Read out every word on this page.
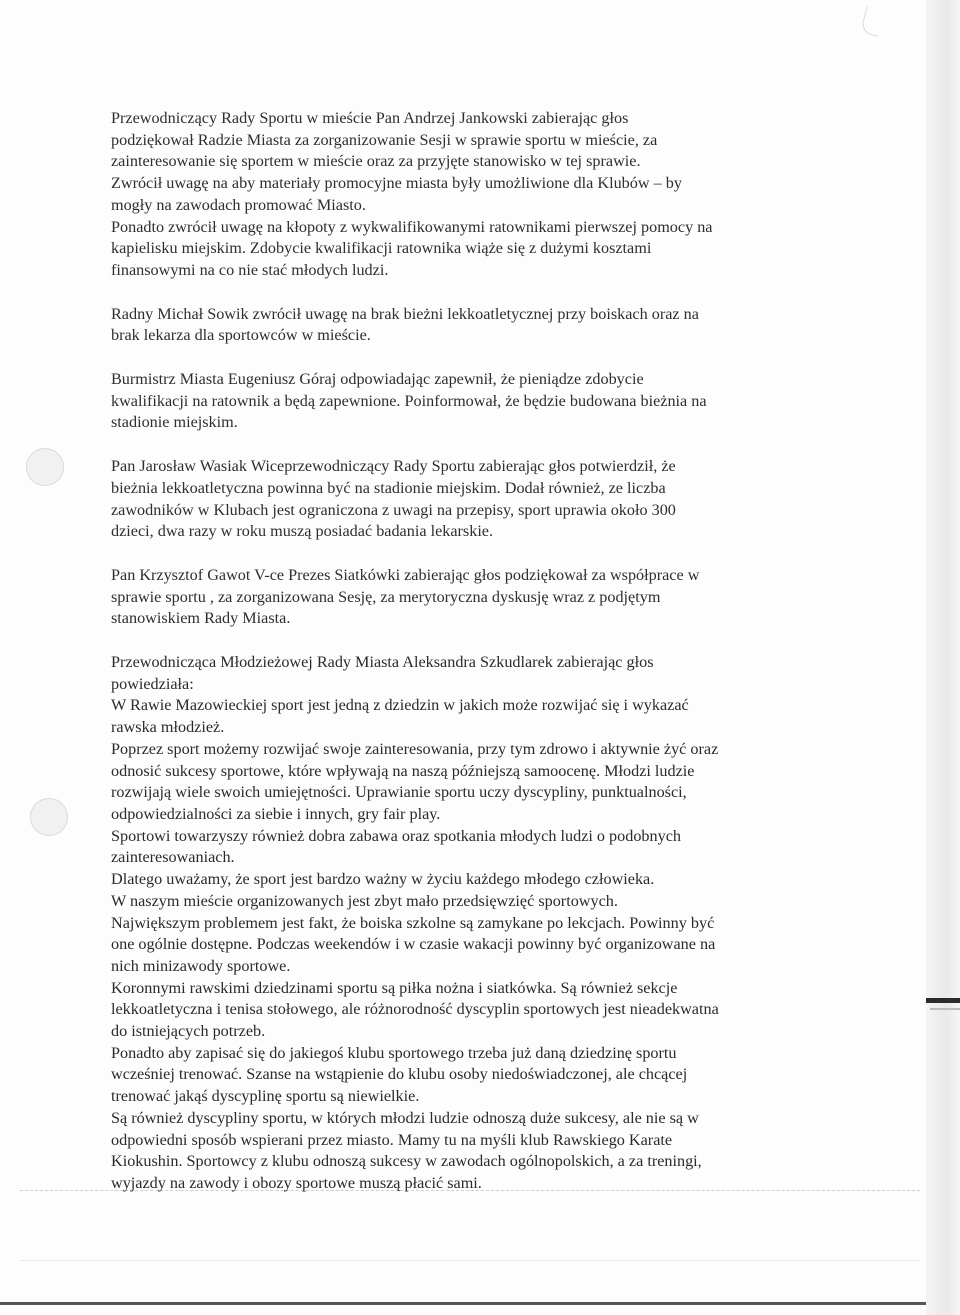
Przewodniczący Rady Sportu w mieście Pan Andrzej Jankowski zabierając głos
podziękował Radzie Miasta za zorganizowanie Sesji w sprawie sportu w mieście, za
zainteresowanie się sportem w mieście oraz za przyjęte stanowisko w tej sprawie.
Zwrócił uwagę na aby materiały promocyjne miasta były umożliwione dla Klubów – by
mogły na zawodach promować Miasto.
Ponadto zwrócił uwagę na kłopoty z wykwalifikowanymi ratownikami pierwszej pomocy na
kapielisku miejskim. Zdobycie kwalifikacji ratownika wiąże się z dużymi kosztami
finansowymi na co nie stać młodych ludzi.
Radny Michał Sowik zwrócił uwagę na brak bieżni lekkoatletycznej przy boiskach oraz na
brak lekarza dla sportowców w mieście.
Burmistrz Miasta Eugeniusz Góraj odpowiadając zapewnił, że pieniądze zdobycie
kwalifikacji na ratownik a będą zapewnione. Poinformował, że będzie budowana bieżnia na
stadionie miejskim.
Pan Jarosław Wasiak Wiceprzewodniczący Rady Sportu zabierając głos potwierdził, że
bieżnia lekkoatletyczna powinna być na stadionie miejskim. Dodał również, ze liczba
zawodników w Klubach jest ograniczona z uwagi na przepisy, sport uprawia około 300
dzieci, dwa razy w roku muszą posiadać badania lekarskie.
Pan Krzysztof Gawot V-ce Prezes Siatkówki zabierając głos podziękował za współprace w
sprawie sportu , za zorganizowana Sesję, za merytoryczna dyskusję wraz z podjętym
stanowiskiem Rady Miasta.
Przewodnicząca Młodzieżowej Rady Miasta Aleksandra Szkudlarek zabierając głos
powiedziała:
W Rawie Mazowieckiej sport jest jedną z dziedzin w jakich może rozwijać się i wykazać
rawska młodzież.
Poprzez sport możemy rozwijać swoje zainteresowania, przy tym zdrowo i aktywnie żyć oraz
odnosić sukcesy sportowe, które wpływają na naszą późniejszą samoocenę. Młodzi ludzie
rozwijają wiele swoich umiejętności. Uprawianie sportu uczy dyscypliny, punktualności,
odpowiedzialności za siebie i innych, gry fair play.
Sportowi towarzyszy również dobra zabawa oraz spotkania młodych ludzi o podobnych
zainteresowaniach.
Dlatego uważamy, że sport jest bardzo ważny w życiu każdego młodego człowieka.
W naszym mieście organizowanych jest zbyt mało przedsięwzięć sportowych.
Największym problemem jest fakt, że boiska szkolne są zamykane po lekcjach. Powinny być
one ogólnie dostępne. Podczas weekendów i w czasie wakacji powinny być organizowane na
nich minizawody sportowe.
Koronnymi rawskimi dziedzinami sportu są piłka nożna i siatkówka. Są również sekcje
lekkoatletyczna i tenisa stołowego, ale różnorodność dyscyplin sportowych jest nieadekwatna
do istniejących potrzeb.
Ponadto aby zapisać się do jakiegoś klubu sportowego trzeba już daną dziedzinę sportu
wcześniej trenować. Szanse na wstąpienie do klubu osoby niedoświadczonej, ale chcącej
trenować jakąś dyscyplinę sportu są niewielkie.
Są również dyscypliny sportu, w których młodzi ludzie odnoszą duże sukcesy, ale nie są w
odpowiedni sposób wspierani przez miasto. Mamy tu na myśli klub Rawskiego Karate
Kiokushin. Sportowcy z klubu odnoszą sukcesy w zawodach ogólnopolskich, a za treningi,
wyjazdy na zawody i obozy sportowe muszą płacić sami.
